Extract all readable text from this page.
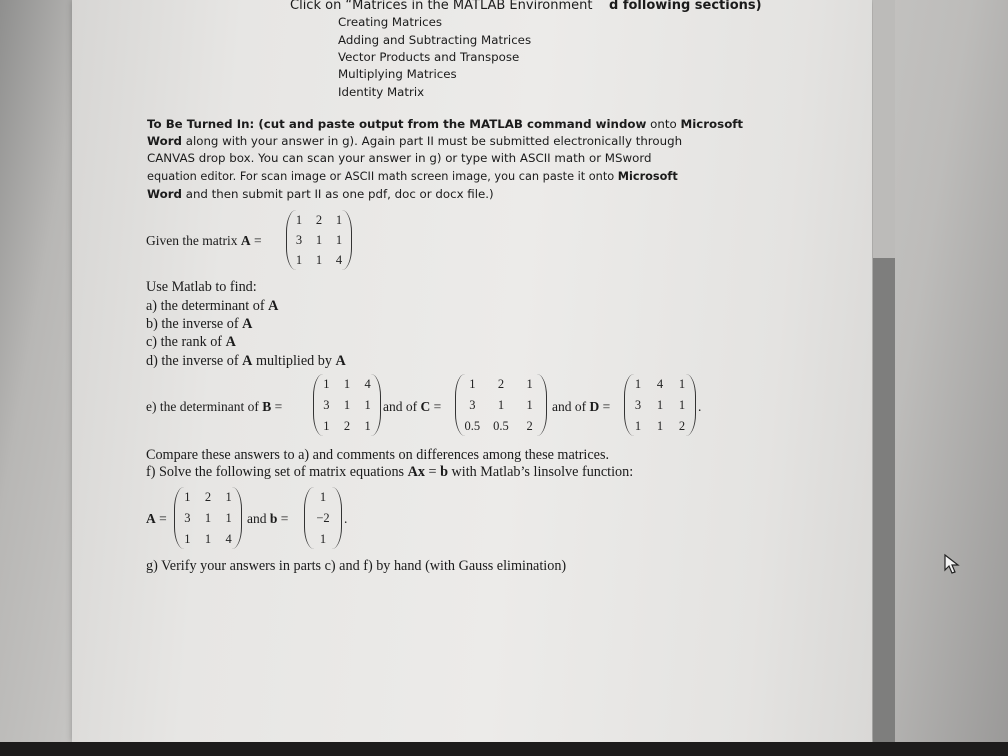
Click on “Matrices in the MATLAB Environment d following sections)
Creating Matrices
Adding and Subtracting Matrices
Vector Products and Transpose
Multiplying Matrices
Identity Matrix
To Be Turned In: (cut and paste output from the MATLAB command window onto Microsoft
Word along with your answer in g). Again part II must be submitted electronically through
CANVAS drop box. You can scan your answer in g) or type with ASCII math or MSword
equation editor. For scan image or ASCII math screen image, you can paste it onto Microsoft
Word and then submit part II as one pdf, doc or docx file.)
Given the matrix A =
1 2 1
3 1 1
1 1 4
Use Matlab to find:
a) the determinant of A
b) the inverse of A
c) the rank of A
d) the inverse of A multiplied by A
e) the determinant of B =
1 1 4
3 1 1
1 2 1
and of C =
1 2 1
3 1 1
0.5 0.5 2
and of D =
1 4 1
3 1 1
1 1 2
.
Compare these answers to a) and comments on differences among these matrices.
f) Solve the following set of matrix equations Ax = b with Matlab’s linsolve function:
A =
1 2 1
3 1 1
1 1 4
and b =
1
−2
1
.
g) Verify your answers in parts c) and f) by hand (with Gauss elimination)
